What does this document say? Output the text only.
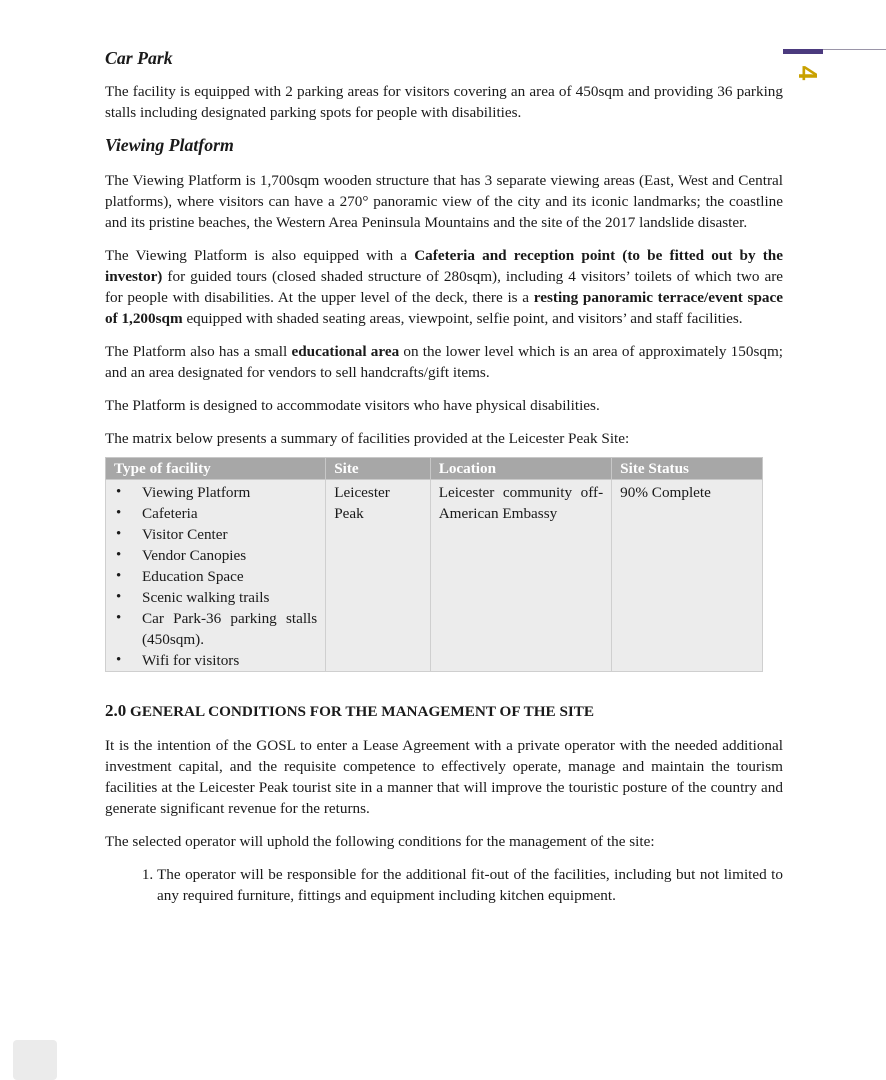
4
Car Park

The facility is equipped with 2 parking areas for visitors covering an area of 450sqm and providing 36 parking stalls including designated parking spots for people with disabilities.

Viewing Platform

The Viewing Platform is 1,700sqm wooden structure that has 3 separate viewing areas (East, West and Central platforms), where visitors can have a 270° panoramic view of the city and its iconic landmarks; the coastline and its pristine beaches, the Western Area Peninsula Mountains and the site of the 2017 landslide disaster.

The Viewing Platform is also equipped with a Cafeteria and reception point (to be fitted out by the investor) for guided tours (closed shaded structure of 280sqm), including 4 visitors’ toilets of which two are for people with disabilities. At the upper level of the deck, there is a resting panoramic terrace/event space of 1,200sqm equipped with shaded seating areas, viewpoint, selfie point, and visitors’ and staff facilities.

The Platform also has a small educational area on the lower level which is an area of approximately 150sqm; and an area designated for vendors to sell handcrafts/gift items.

The Platform is designed to accommodate visitors who have physical disabilities.

The matrix below presents a summary of facilities provided at the Leicester Peak Site:

Type of facility	Site	Location	Site Status

• Viewing Platform
• Cafeteria
• Visitor Center
• Vendor Canopies
• Education Space
• Scenic walking trails
• Car Park-36 parking stalls (450sqm).
• Wifi for visitors
	Leicester Peak	Leicester community off-American Embassy	90% Complete
2.0 GENERAL CONDITIONS FOR THE MANAGEMENT OF THE SITE

It is the intention of the GOSL to enter a Lease Agreement with a private operator with the needed additional investment capital, and the requisite competence to effectively operate, manage and maintain the tourism facilities at the Leicester Peak tourist site in a manner that will improve the touristic posture of the country and generate significant revenue for the returns.

The selected operator will uphold the following conditions for the management of the site:

1. The operator will be responsible for the additional fit-out of the facilities, including but not limited to any required furniture, fittings and equipment including kitchen equipment.
